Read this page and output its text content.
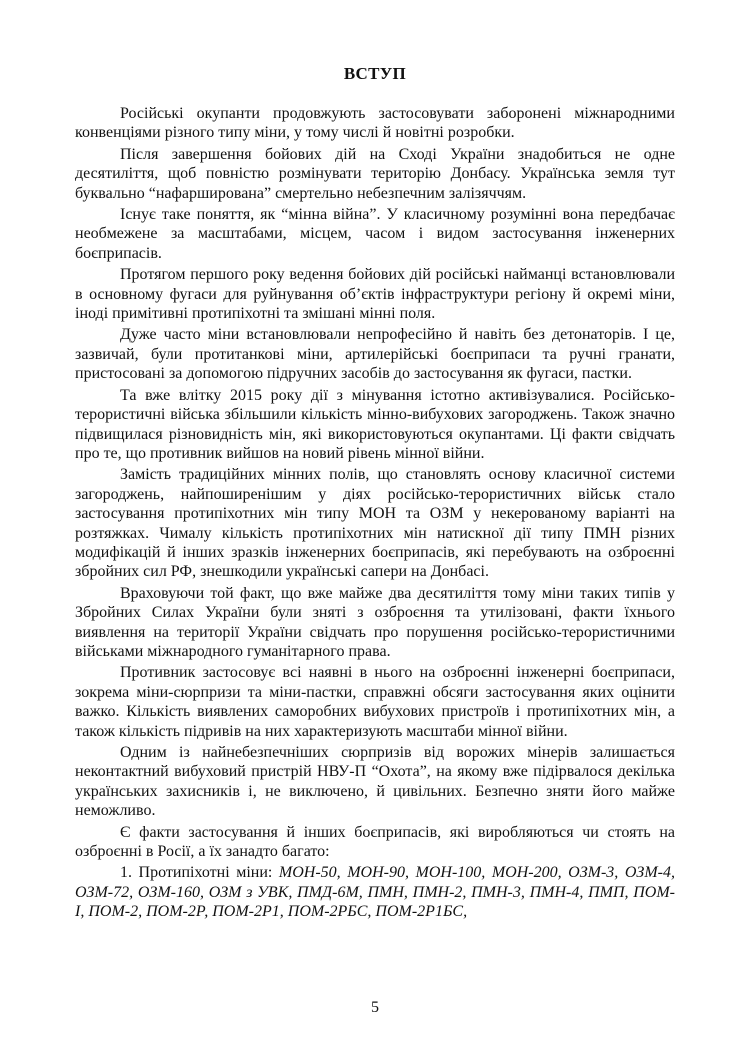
ВСТУП

Російські окупанти продовжують застосовувати заборонені міжнародними конвенціями різного типу міни, у тому числі й новітні розробки.

Після завершення бойових дій на Сході України знадобиться не одне десятиліття, щоб повністю розмінувати територію Донбасу. Українська земля тут буквально “нафарширована” смертельно небезпечним залізяччям.

Існує таке поняття, як “мінна війна”. У класичному розумінні вона передбачає необмежене за масштабами, місцем, часом і видом застосування інженерних боєприпасів.

Протягом першого року ведення бойових дій російські найманці встановлювали в основному фугаси для руйнування об’єктів інфраструктури регіону й окремі міни, іноді примітивні протипіхотні та змішані мінні поля.

Дуже часто міни встановлювали непрофесійно й навіть без детонаторів. І це, зазвичай, були протитанкові міни, артилерійські боєприпаси та ручні гранати, пристосовані за допомогою підручних засобів до застосування як фугаси, пастки.

Та вже влітку 2015 року дії з мінування істотно активізувалися. Російсько-терористичні війська збільшили кількість мінно-вибухових загороджень. Також значно підвищилася різновидність мін, які використовуються окупантами. Ці факти свідчать про те, що противник вийшов на новий рівень мінної війни.

Замість традиційних мінних полів, що становлять основу класичної системи загороджень, найпоширенішим у діях російсько-терористичних військ стало застосування протипіхотних мін типу МОН та ОЗМ у некерованому варіанті на розтяжках. Чималу кількість протипіхотних мін натискної дії типу ПМН різних модифікацій й інших зразків інженерних боєприпасів, які перебувають на озброєнні збройних сил РФ, знешкодили українські сапери на Донбасі.

Враховуючи той факт, що вже майже два десятиліття тому міни таких типів у Збройних Силах України були зняті з озброєння та утилізовані, факти їхнього виявлення на території України свідчать про порушення російсько-терористичними військами міжнародного гуманітарного права.

Противник застосовує всі наявні в нього на озброєнні інженерні боєприпаси, зокрема міни-сюрпризи та міни-пастки, справжні обсяги застосування яких оцінити важко. Кількість виявлених саморобних вибухових пристроїв і протипіхотних мін, а також кількість підривів на них характеризують масштаби мінної війни.

Одним із найнебезпечніших сюрпризів від ворожих мінерів залишається неконтактний вибуховий пристрій НВУ-П “Охота”, на якому вже підірвалося декілька українських захисників і, не виключено, й цивільних. Безпечно зняти його майже неможливо.

Є факти застосування й інших боєприпасів, які виробляються чи стоять на озброєнні в Росії, а їх занадто багато:

1. Протипіхотні міни: МОН-50, МОН-90, МОН-100, МОН-200, ОЗМ-3, ОЗМ-4, ОЗМ-72, ОЗМ-160, ОЗМ з УВК, ПМД-6М, ПМН, ПМН-2, ПМН-3, ПМН-4, ПМП, ПОМ-І, ПОМ-2, ПОМ-2Р, ПОМ-2Р1, ПОМ-2РБС, ПОМ-2Р1БС,

5
